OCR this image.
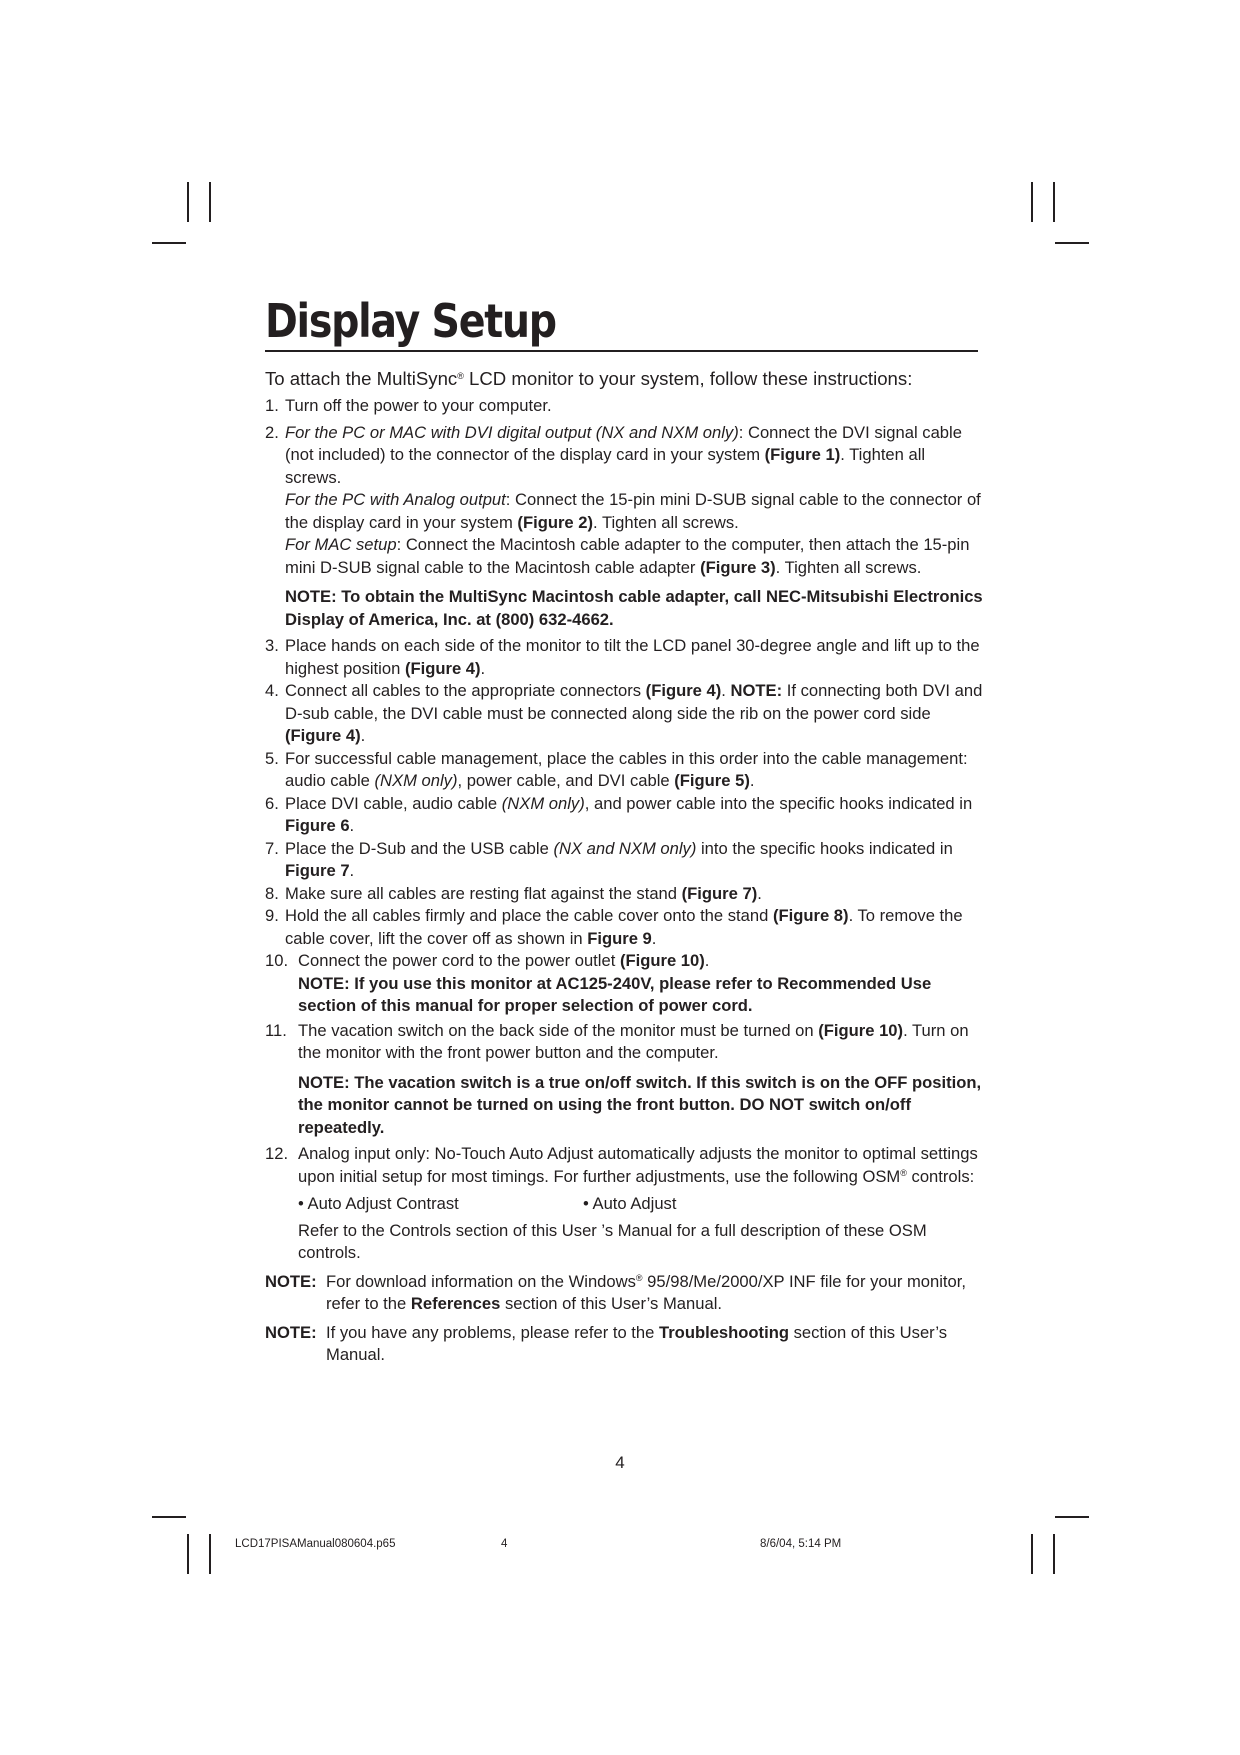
Display Setup

To attach the MultiSync® LCD monitor to your system, follow these instructions:

1. Turn off the power to your computer.

2. For the PC or MAC with DVI digital output (NX and NXM only): Connect the DVI signal cable (not included) to the connector of the display card in your system (Figure 1). Tighten all screws.

For the PC with Analog output: Connect the 15-pin mini D-SUB signal cable to the connector of the display card in your system (Figure 2). Tighten all screws.

For MAC setup: Connect the Macintosh cable adapter to the computer, then attach the 15-pin mini D-SUB signal cable to the Macintosh cable adapter (Figure 3). Tighten all screws.

NOTE: To obtain the MultiSync Macintosh cable adapter, call NEC-Mitsubishi Electronics Display of America, Inc. at (800) 632-4662.

3. Place hands on each side of the monitor to tilt the LCD panel 30-degree angle and lift up to the highest position (Figure 4).

4. Connect all cables to the appropriate connectors (Figure 4). NOTE: If connecting both DVI and D-sub cable, the DVI cable must be connected along side the rib on the power cord side (Figure 4).

5. For successful cable management, place the cables in this order into the cable management: audio cable (NXM only), power cable, and DVI cable (Figure 5).

6. Place DVI cable, audio cable (NXM only), and power cable into the specific hooks indicated in Figure 6.

7. Place the D-Sub and the USB cable (NX and NXM only) into the specific hooks indicated in Figure 7.

8. Make sure all cables are resting flat against the stand (Figure 7).

9. Hold the all cables firmly and place the cable cover onto the stand (Figure 8). To remove the cable cover, lift the cover off as shown in Figure 9.

10. Connect the power cord to the power outlet (Figure 10).

NOTE: If you use this monitor at AC125-240V, please refer to Recommended Use section of this manual for proper selection of power cord.

11. The vacation switch on the back side of the monitor must be turned on (Figure 10). Turn on the monitor with the front power button and the computer.

NOTE: The vacation switch is a true on/off switch. If this switch is on the OFF position, the monitor cannot be turned on using the front button. DO NOT switch on/off repeatedly.

12. Analog input only: No-Touch Auto Adjust automatically adjusts the monitor to optimal settings upon initial setup for most timings. For further adjustments, use the following OSM® controls:

• Auto Adjust Contrast	• Auto Adjust

Refer to the Controls section of this User ’s Manual for a full description of these OSM controls.

NOTE: For download information on the Windows® 95/98/Me/2000/XP INF file for your monitor, refer to the References section of this User’s Manual.

NOTE: If you have any problems, please refer to the Troubleshooting section of this User’s Manual.

4
LCD17PISAManual080604.p65	4	8/6/04, 5:14 PM
